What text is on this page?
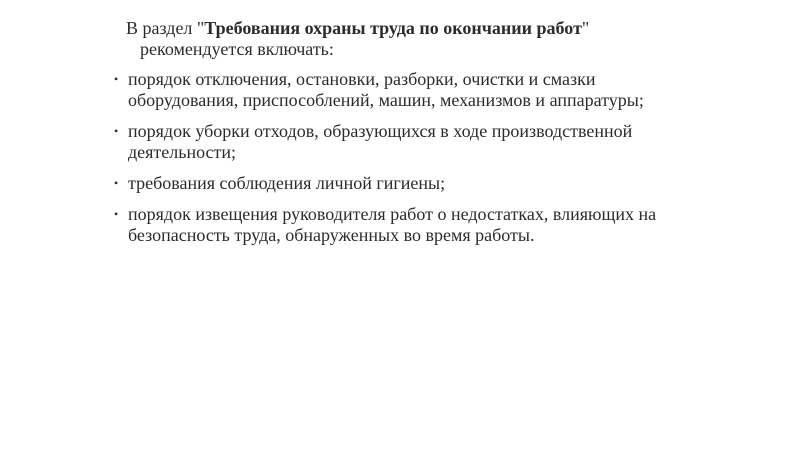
В раздел "Требования охраны труда по окончании работ" рекомендуется включать:

• порядок отключения, остановки, разборки, очистки и смазки оборудования, приспособлений, машин, механизмов и аппаратуры;
• порядок уборки отходов, образующихся в ходе производственной деятельности;
• требования соблюдения личной гигиены;
• порядок извещения руководителя работ о недостатках, влияющих на безопасность труда, обнаруженных во время работы.
